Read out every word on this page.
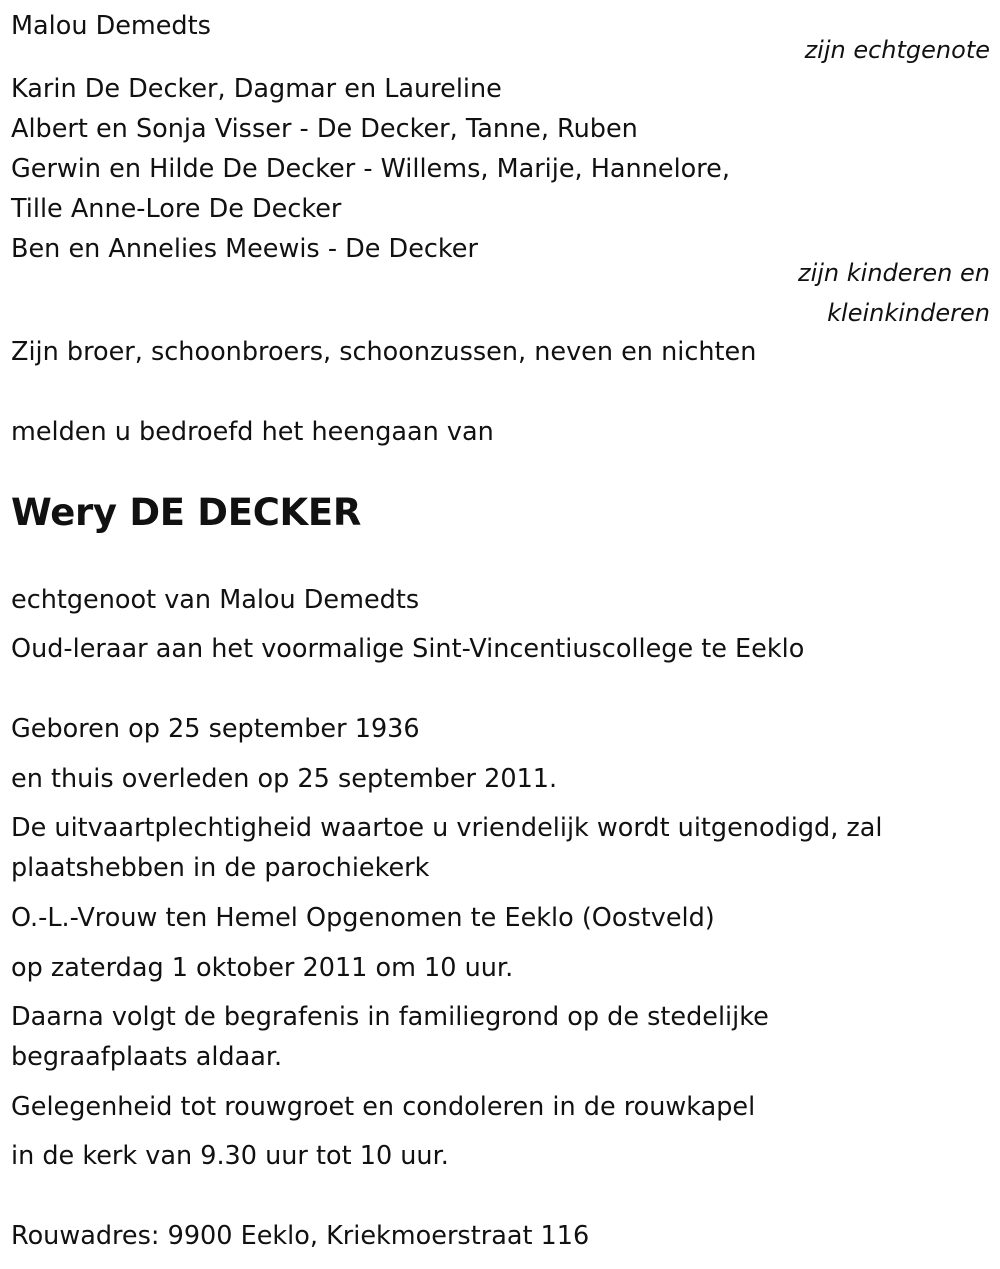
Malou Demedts
zijn echtgenote
Karin De Decker, Dagmar en Laureline
Albert en Sonja Visser - De Decker, Tanne, Ruben
Gerwin en Hilde De Decker - Willems, Marije, Hannelore,
Tille Anne-Lore De Decker
Ben en Annelies Meewis - De Decker
zijn kinderen en
kleinkinderen
Zijn broer, schoonbroers, schoonzussen, neven en nichten
melden u bedroefd het heengaan van
Wery DE DECKER
echtgenoot van Malou Demedts
Oud-leraar aan het voormalige Sint-Vincentiuscollege te Eeklo
Geboren op 25 september 1936
en thuis overleden op 25 september 2011.
De uitvaartplechtigheid waartoe u vriendelijk wordt uitgenodigd, zal
plaatshebben in de parochiekerk
O.-L.-Vrouw ten Hemel Opgenomen te Eeklo (Oostveld)
op zaterdag 1 oktober 2011 om 10 uur.
Daarna volgt de begrafenis in familiegrond op de stedelijke
begraafplaats aldaar.
Gelegenheid tot rouwgroet en condoleren in de rouwkapel
in de kerk van 9.30 uur tot 10 uur.
Rouwadres: 9900 Eeklo, Kriekmoerstraat 116
